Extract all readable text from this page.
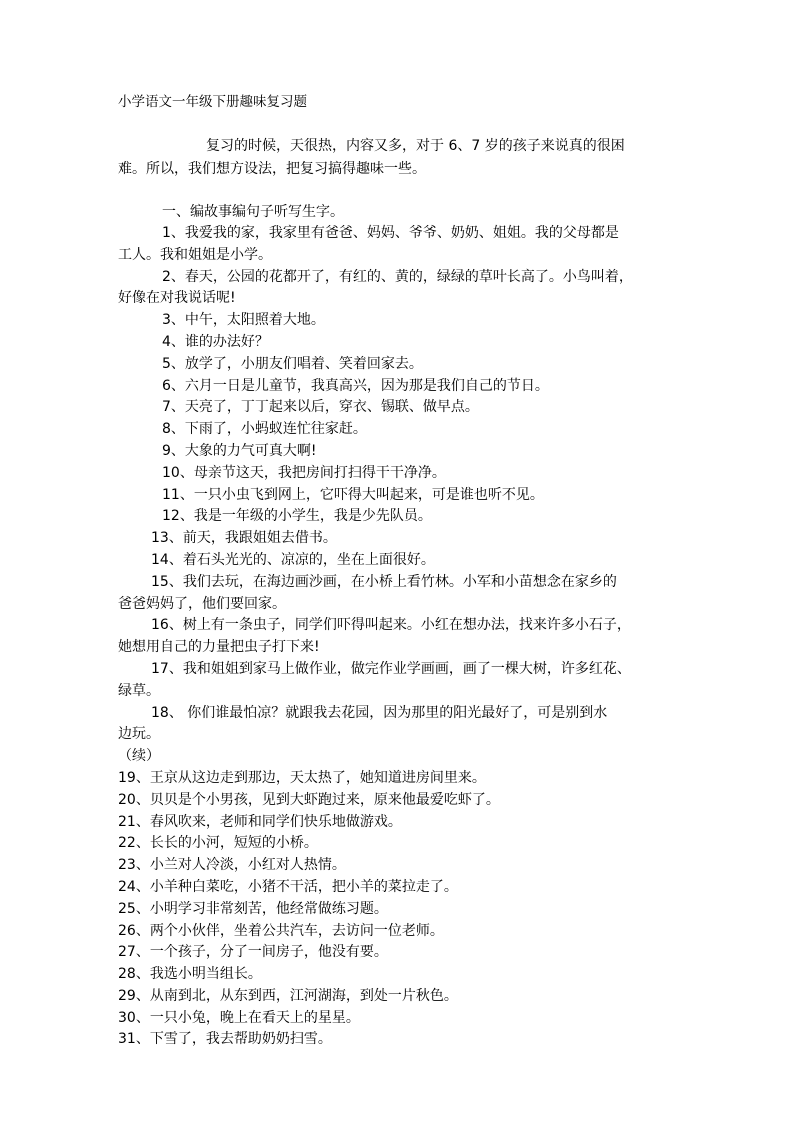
小学语文一年级下册趣味复习题
复习的时候，天很热，内容又多，对于 6、7 岁的孩子来说真的很困
难。所以，我们想方设法，把复习搞得趣味一些。
一、编故事编句子听写生字。
1、我爱我的家，我家里有爸爸、妈妈、爷爷、奶奶、姐姐。我的父母都是
工人。我和姐姐是小学。
2、春天，公园的花都开了，有红的、黄的，绿绿的草叶长高了。小鸟叫着，
好像在对我说话呢!
3、中午，太阳照着大地。
4、谁的办法好？
5、放学了，小朋友们唱着、笑着回家去。
6、六月一日是儿童节，我真高兴，因为那是我们自己的节日。
7、天亮了，丁丁起来以后，穿衣、锡联、做早点。
8、下雨了，小蚂蚁连忙往家赶。
9、大象的力气可真大啊!
10、母亲节这天，我把房间打扫得干干净净。
11、一只小虫飞到网上，它吓得大叫起来，可是谁也听不见。
12、我是一年级的小学生，我是少先队员。
13、前天，我跟姐姐去借书。
14、着石头光光的、凉凉的，坐在上面很好。
15、我们去玩，在海边画沙画，在小桥上看竹林。小军和小苗想念在家乡的
爸爸妈妈了，他们要回家。
16、树上有一条虫子，同学们吓得叫起来。小红在想办法，找来许多小石子，
她想用自己的力量把虫子打下来!
17、我和姐姐到家马上做作业，做完作业学画画，画了一棵大树，许多红花、
绿草。
18、 你们谁最怕凉？就跟我去花园，因为那里的阳光最好了，可是别到水
边玩。
（续）
19、王京从这边走到那边，天太热了，她知道进房间里来。
20、贝贝是个小男孩，见到大虾跑过来，原来他最爱吃虾了。
21、春风吹来，老师和同学们快乐地做游戏。
22、长长的小河，短短的小桥。
23、小兰对人冷淡，小红对人热情。
24、小羊种白菜吃，小猪不干活，把小羊的菜拉走了。
25、小明学习非常刻苦，他经常做练习题。
26、两个小伙伴，坐着公共汽车，去访问一位老师。
27、一个孩子，分了一间房子，他没有要。
28、我选小明当组长。
29、从南到北，从东到西，江河湖海，到处一片秋色。
30、一只小兔，晚上在看天上的星星。
31、下雪了，我去帮助奶奶扫雪。
